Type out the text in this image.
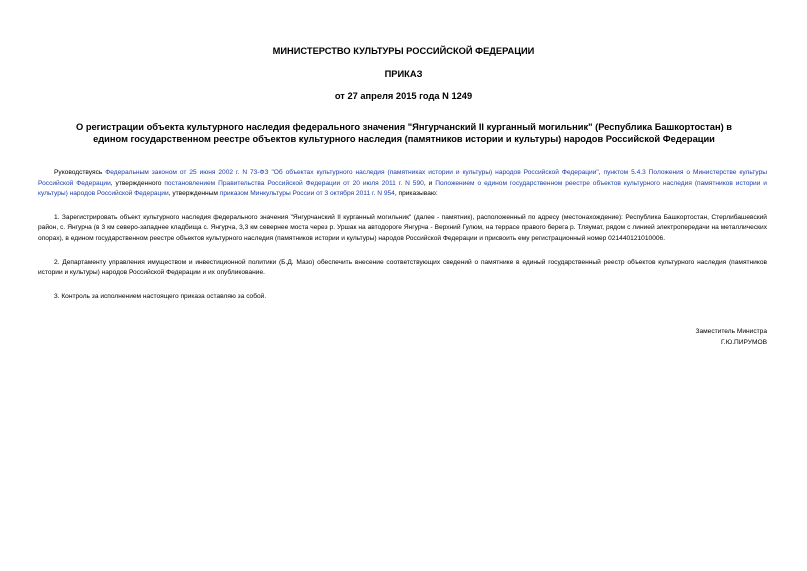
МИНИСТЕРСТВО КУЛЬТУРЫ РОССИЙСКОЙ ФЕДЕРАЦИИ
ПРИКАЗ
от 27 апреля 2015 года N 1249
О регистрации объекта культурного наследия федерального значения "Янгурчанский II курганный могильник" (Республика Башкортостан) в едином государственном реестре объектов культурного наследия (памятников истории и культуры) народов Российской Федерации

Руководствуясь Федеральным законом от 25 июня 2002 г. N 73-ФЗ "Об объектах культурного наследия (памятниках истории и культуры) народов Российской Федерации", пунктом 5.4.3 Положения о Министерстве культуры Российской Федерации, утвержденного постановлением Правительства Российской Федерации от 20 июля 2011 г. N 590, и Положением о едином государственном реестре объектов культурного наследия (памятников истории и культуры) народов Российской Федерации, утвержденным приказом Минкультуры России от 3 октября 2011 г. N 954, приказываю:

1. Зарегистрировать объект культурного наследия федерального значения "Янгурчанский II курганный могильник" (далее - памятник), расположенный по адресу (местонахождение): Республика Башкортостан, Стерлибашевский район, с. Янгурча (в 3 км северо-западнее кладбища с. Янгурча, 3,3 км севернее моста через р. Уршак на автодороге Янгурча - Верхний Гулюм, на террасе правого берега р. Тляумат, рядом с линией электропередачи на металлических опорах), в едином государственном реестре объектов культурного наследия (памятников истории и культуры) народов Российской Федерации и присвоить ему регистрационный номер 021440121010006.

2. Департаменту управления имуществом и инвестиционной политики (Б.Д. Мазо) обеспечить внесение соответствующих сведений о памятнике в единый государственный реестр объектов культурного наследия (памятников истории и культуры) народов Российской Федерации и их опубликование.

3. Контроль за исполнением настоящего приказа оставляю за собой.

Заместитель Министра
Г.Ю.ПИРУМОВ
